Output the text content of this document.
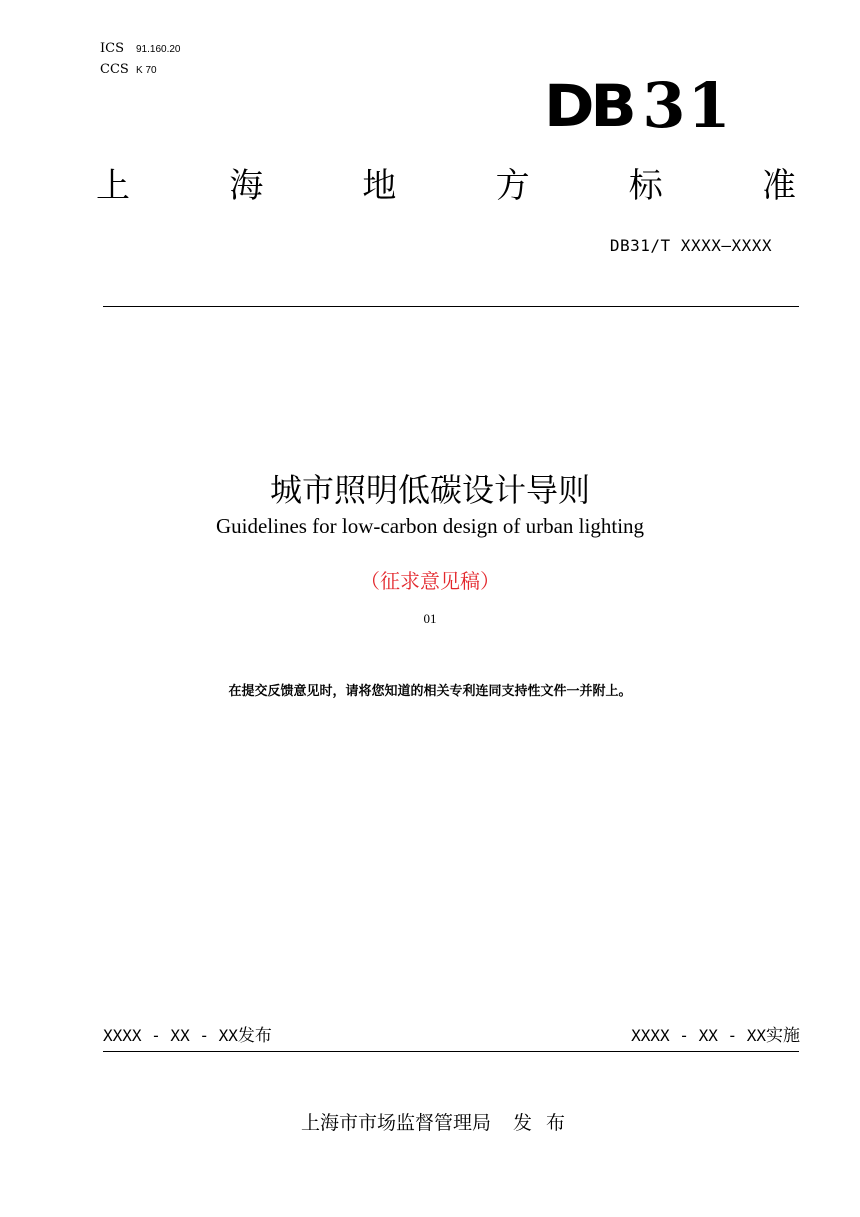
ICS	91.160.20
CCS K 70
DB 31
上	海	地	方	标	准
DB31/T XXXX—XXXX
城市照明低碳设计导则
Guidelines for low-carbon design of urban lighting
（征求意见稿）
01
在提交反馈意见时，请将您知道的相关专利连同支持性文件一并附上。
XXXX - XX - XX 发布	XXXX - XX - XX 实施
上海市市场监督管理局 发布
